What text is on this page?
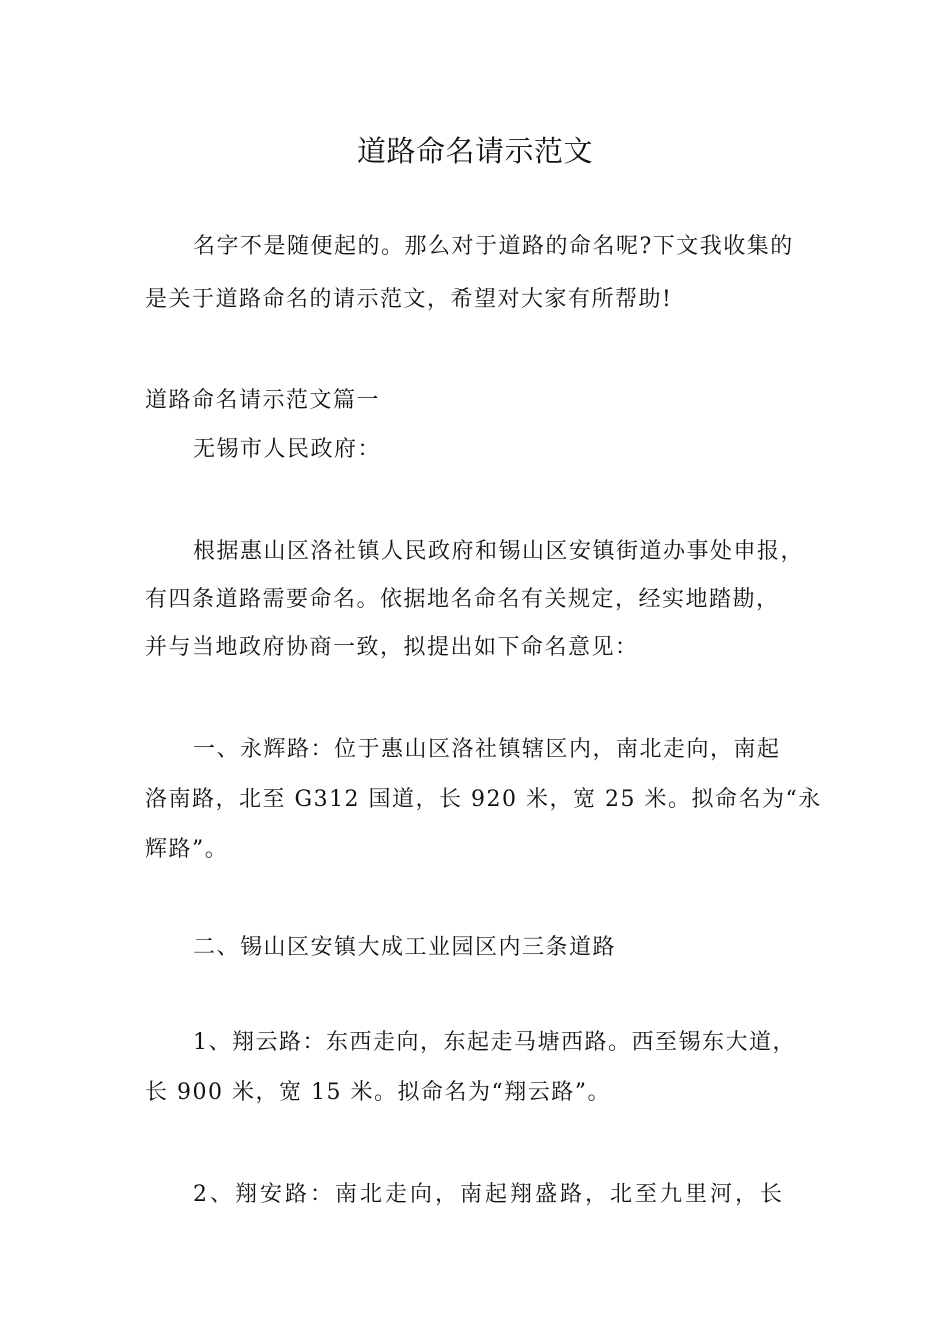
道路命名请示范文
名字不是随便起的。那么对于道路的命名呢?下文我收集的
是关于道路命名的请示范文，希望对大家有所帮助!
道路命名请示范文篇一
无锡市人民政府：
根据惠山区洛社镇人民政府和锡山区安镇街道办事处申报，
有四条道路需要命名。依据地名命名有关规定，经实地踏勘，
并与当地政府协商一致，拟提出如下命名意见：
一、永辉路：位于惠山区洛社镇辖区内，南北走向，南起
洛南路，北至 G312 国道，长 920 米，宽 25 米。拟命名为“永
辉路”。
二、锡山区安镇大成工业园区内三条道路
1、翔云路：东西走向，东起走马塘西路。西至锡东大道，
长 900 米，宽 15 米。拟命名为“翔云路”。
2、翔安路：南北走向，南起翔盛路，北至九里河，长
